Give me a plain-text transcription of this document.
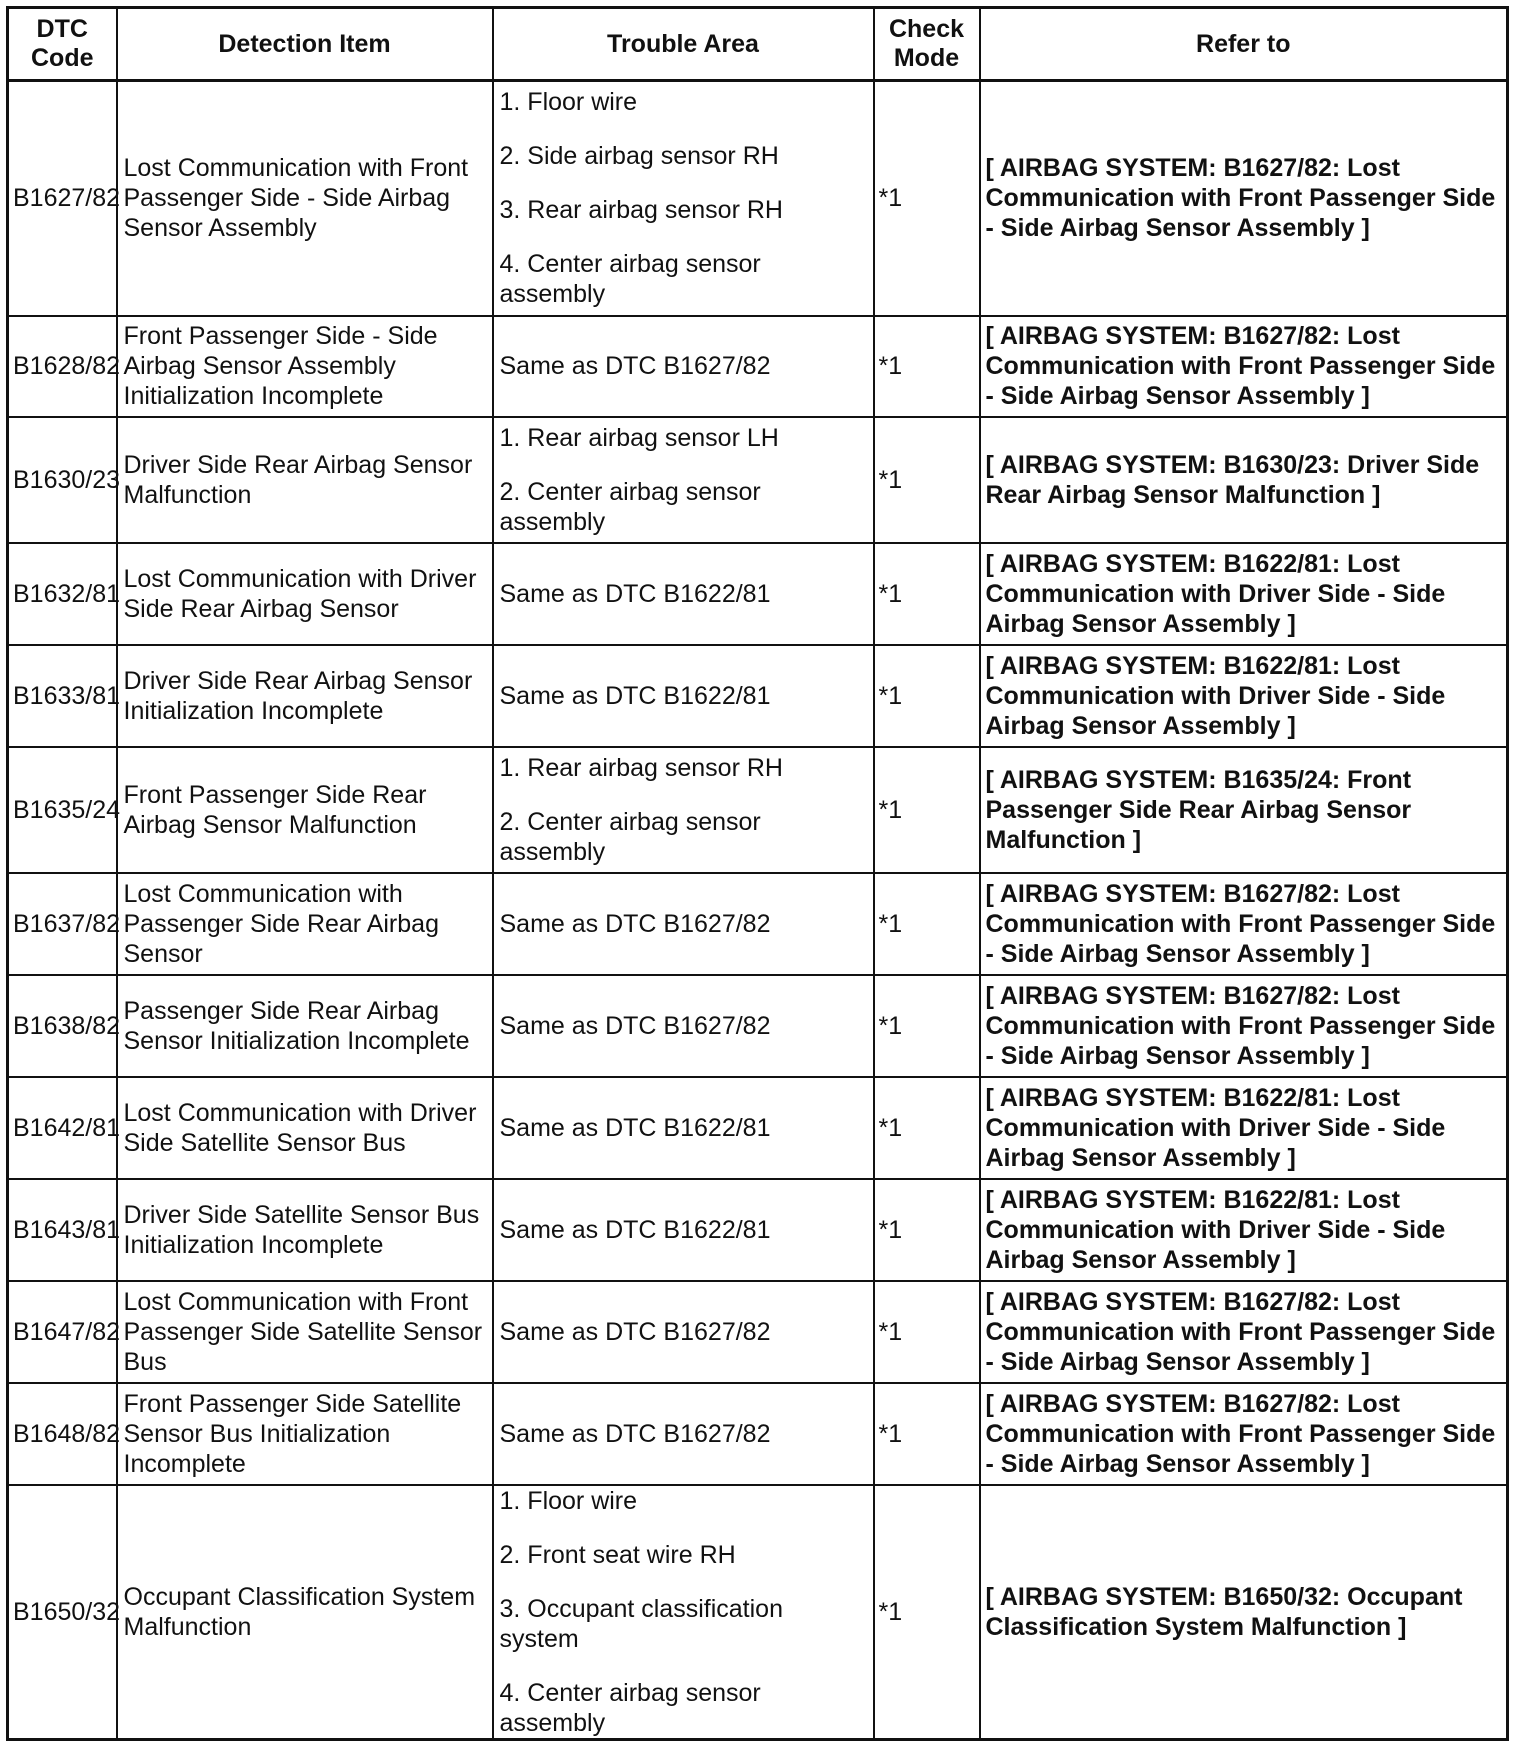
DTC Code	Detection Item	Trouble Area	Check Mode	Refer to
B1627/82	Lost Communication with Front Passenger Side - Side Airbag Sensor Assembly	1. Floor wire

2. Side airbag sensor RH

3. Rear airbag sensor RH

4. Center airbag sensor assembly	*1	[ AIRBAG SYSTEM: B1627/82: Lost Communication with Front Passenger Side - Side Airbag Sensor Assembly ]
B1628/82	Front Passenger Side - Side Airbag Sensor Assembly Initialization Incomplete	Same as DTC B1627/82	*1	[ AIRBAG SYSTEM: B1627/82: Lost Communication with Front Passenger Side - Side Airbag Sensor Assembly ]
B1630/23	Driver Side Rear Airbag Sensor Malfunction	1. Rear airbag sensor LH

2. Center airbag sensor assembly	*1	[ AIRBAG SYSTEM: B1630/23: Driver Side Rear Airbag Sensor Malfunction ]
B1632/81	Lost Communication with Driver Side Rear Airbag Sensor	Same as DTC B1622/81	*1	[ AIRBAG SYSTEM: B1622/81: Lost Communication with Driver Side - Side Airbag Sensor Assembly ]
B1633/81	Driver Side Rear Airbag Sensor Initialization Incomplete	Same as DTC B1622/81	*1	[ AIRBAG SYSTEM: B1622/81: Lost Communication with Driver Side - Side Airbag Sensor Assembly ]
B1635/24	Front Passenger Side Rear Airbag Sensor Malfunction	1. Rear airbag sensor RH

2. Center airbag sensor assembly	*1	[ AIRBAG SYSTEM: B1635/24: Front Passenger Side Rear Airbag Sensor Malfunction ]
B1637/82	Lost Communication with Passenger Side Rear Airbag Sensor	Same as DTC B1627/82	*1	[ AIRBAG SYSTEM: B1627/82: Lost Communication with Front Passenger Side - Side Airbag Sensor Assembly ]
B1638/82	Passenger Side Rear Airbag Sensor Initialization Incomplete	Same as DTC B1627/82	*1	[ AIRBAG SYSTEM: B1627/82: Lost Communication with Front Passenger Side - Side Airbag Sensor Assembly ]
B1642/81	Lost Communication with Driver Side Satellite Sensor Bus	Same as DTC B1622/81	*1	[ AIRBAG SYSTEM: B1622/81: Lost Communication with Driver Side - Side Airbag Sensor Assembly ]
B1643/81	Driver Side Satellite Sensor Bus Initialization Incomplete	Same as DTC B1622/81	*1	[ AIRBAG SYSTEM: B1622/81: Lost Communication with Driver Side - Side Airbag Sensor Assembly ]
B1647/82	Lost Communication with Front Passenger Side Satellite Sensor Bus	Same as DTC B1627/82	*1	[ AIRBAG SYSTEM: B1627/82: Lost Communication with Front Passenger Side - Side Airbag Sensor Assembly ]
B1648/82	Front Passenger Side Satellite Sensor Bus Initialization Incomplete	Same as DTC B1627/82	*1	[ AIRBAG SYSTEM: B1627/82: Lost Communication with Front Passenger Side - Side Airbag Sensor Assembly ]
B1650/32	Occupant Classification System Malfunction	1. Floor wire

2. Front seat wire RH

3. Occupant classification system

4. Center airbag sensor assembly	*1	[ AIRBAG SYSTEM: B1650/32: Occupant Classification System Malfunction ]
